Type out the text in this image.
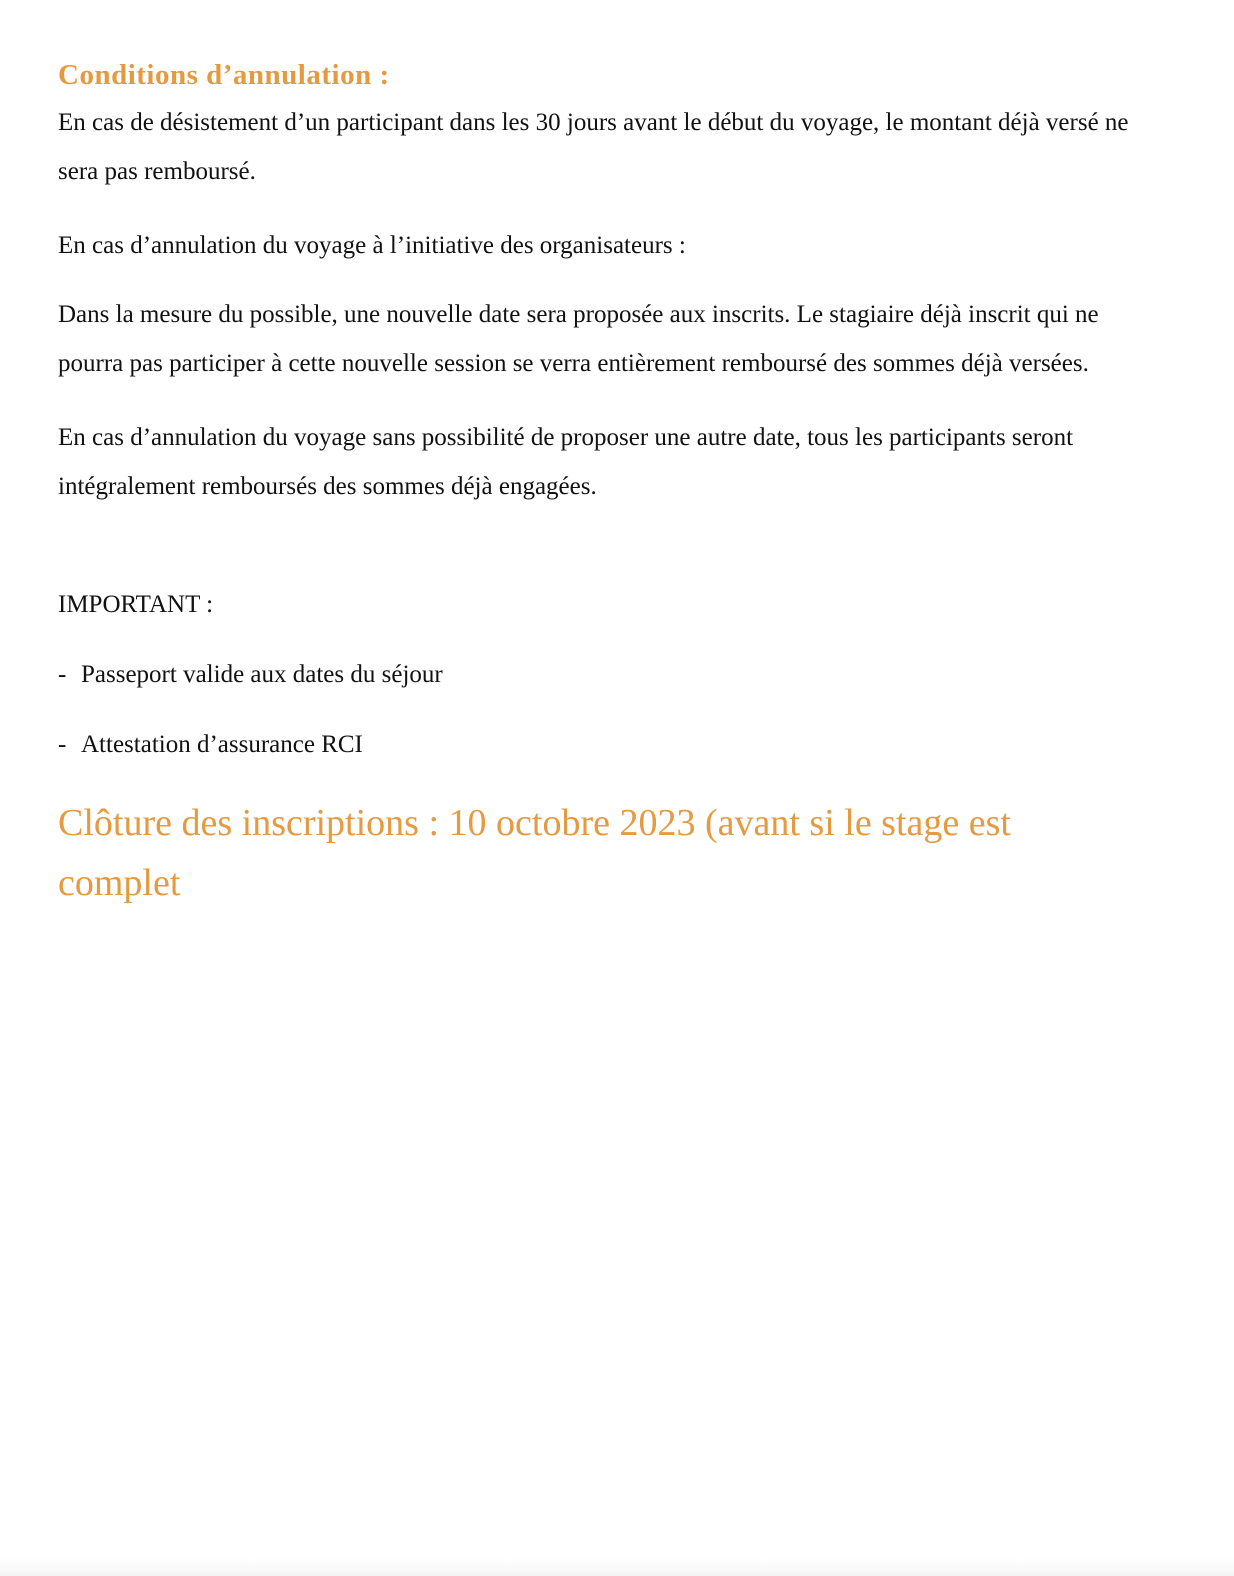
Conditions d’annulation :

En cas de désistement d’un participant dans les 30 jours avant le début du voyage, le montant déjà versé ne sera pas remboursé.

En cas d’annulation du voyage à l’initiative des organisateurs :

Dans la mesure du possible, une nouvelle date sera proposée aux inscrits. Le stagiaire déjà inscrit qui ne pourra pas participer à cette nouvelle session se verra entièrement remboursé des sommes déjà versées.

En cas d’annulation du voyage sans possibilité de proposer une autre date, tous les participants seront intégralement remboursés des sommes déjà engagées.

IMPORTANT :

- Passeport valide aux dates du séjour
- Attestation d’assurance RCI

Clôture des inscriptions : 10 octobre 2023 (avant si le stage est complet
